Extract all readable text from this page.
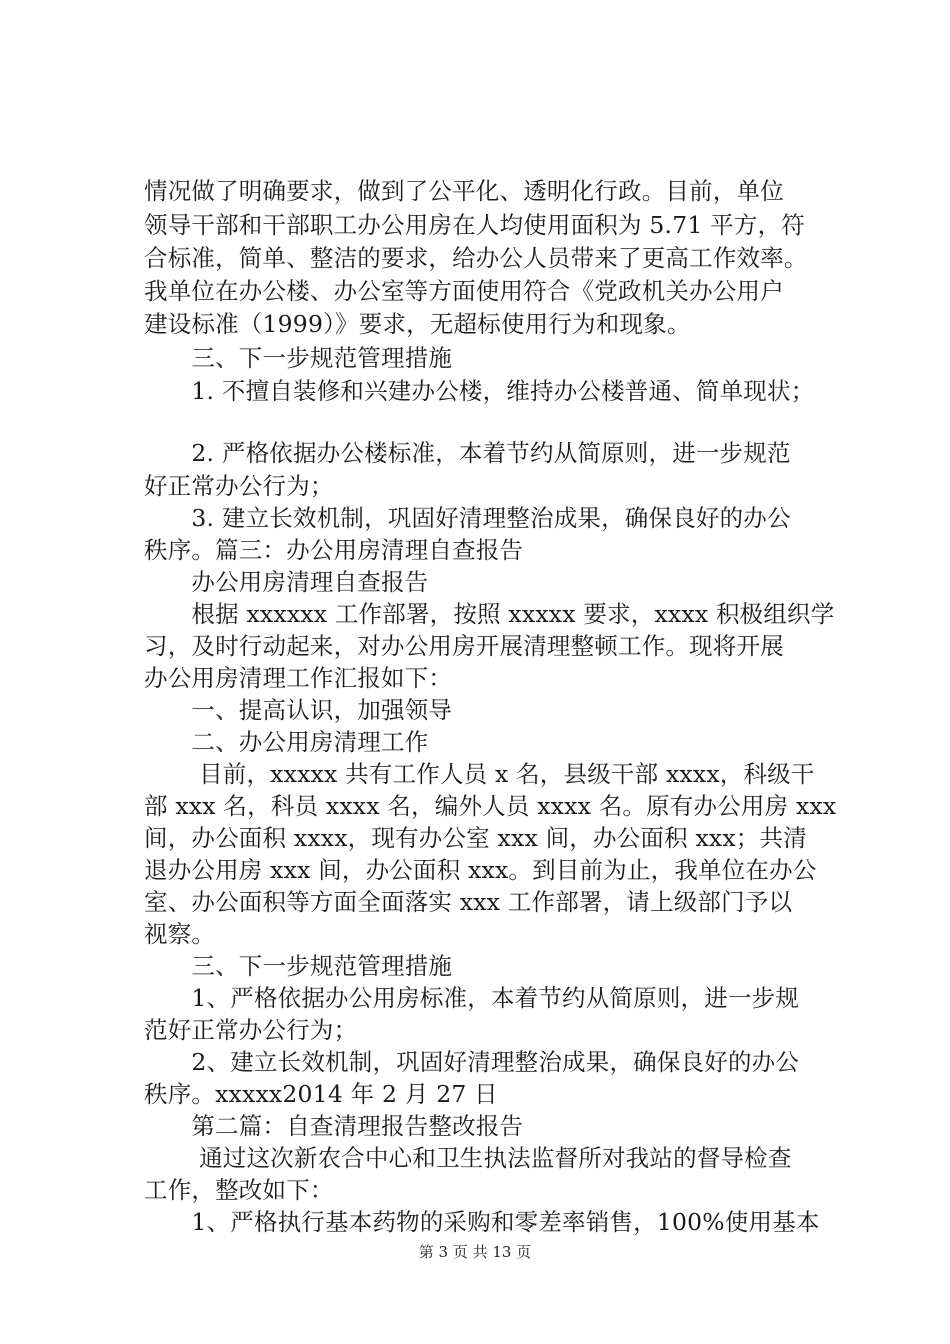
情况做了明确要求，做到了公平化、透明化行政。目前，单位
领导干部和干部职工办公用房在人均使用面积为 5.71 平方，符
合标准，简单、整洁的要求，给办公人员带来了更高工作效率。
我单位在办公楼、办公室等方面使用符合《党政机关办公用户
建设标准（1999）》要求，无超标使用行为和现象。
　　三、下一步规范管理措施
　　1. 不擅自装修和兴建办公楼，维持办公楼普通、简单现状；
　　2. 严格依据办公楼标准，本着节约从简原则，进一步规范
好正常办公行为；
　　3. 建立长效机制，巩固好清理整治成果，确保良好的办公
秩序。篇三：办公用房清理自查报告
　　办公用房清理自查报告
　　根据 xxxxxx 工作部署，按照 xxxxx 要求，xxxx 积极组织学
习，及时行动起来，对办公用房开展清理整顿工作。现将开展
办公用房清理工作汇报如下：
　　一、提高认识，加强领导
　　二、办公用房清理工作
　　 目前，xxxxx 共有工作人员 x 名，县级干部 xxxx，科级干
部 xxx 名，科员 xxxx 名，编外人员 xxxx 名。原有办公用房 xxx
间，办公面积 xxxx，现有办公室 xxx 间，办公面积 xxx；共清
退办公用房 xxx 间，办公面积 xxx。到目前为止，我单位在办公
室、办公面积等方面全面落实 xxx 工作部署，请上级部门予以
视察。
　　三、下一步规范管理措施
　　1、严格依据办公用房标准，本着节约从简原则，进一步规
范好正常办公行为；
　　2、建立长效机制，巩固好清理整治成果，确保良好的办公
秩序。xxxxx2014 年 2 月 27 日
　　第二篇：自查清理报告整改报告
　　 通过这次新农合中心和卫生执法监督所对我站的督导检查
工作，整改如下：
　　1、严格执行基本药物的采购和零差率销售，100%使用基本
第 3 页 共 13 页
